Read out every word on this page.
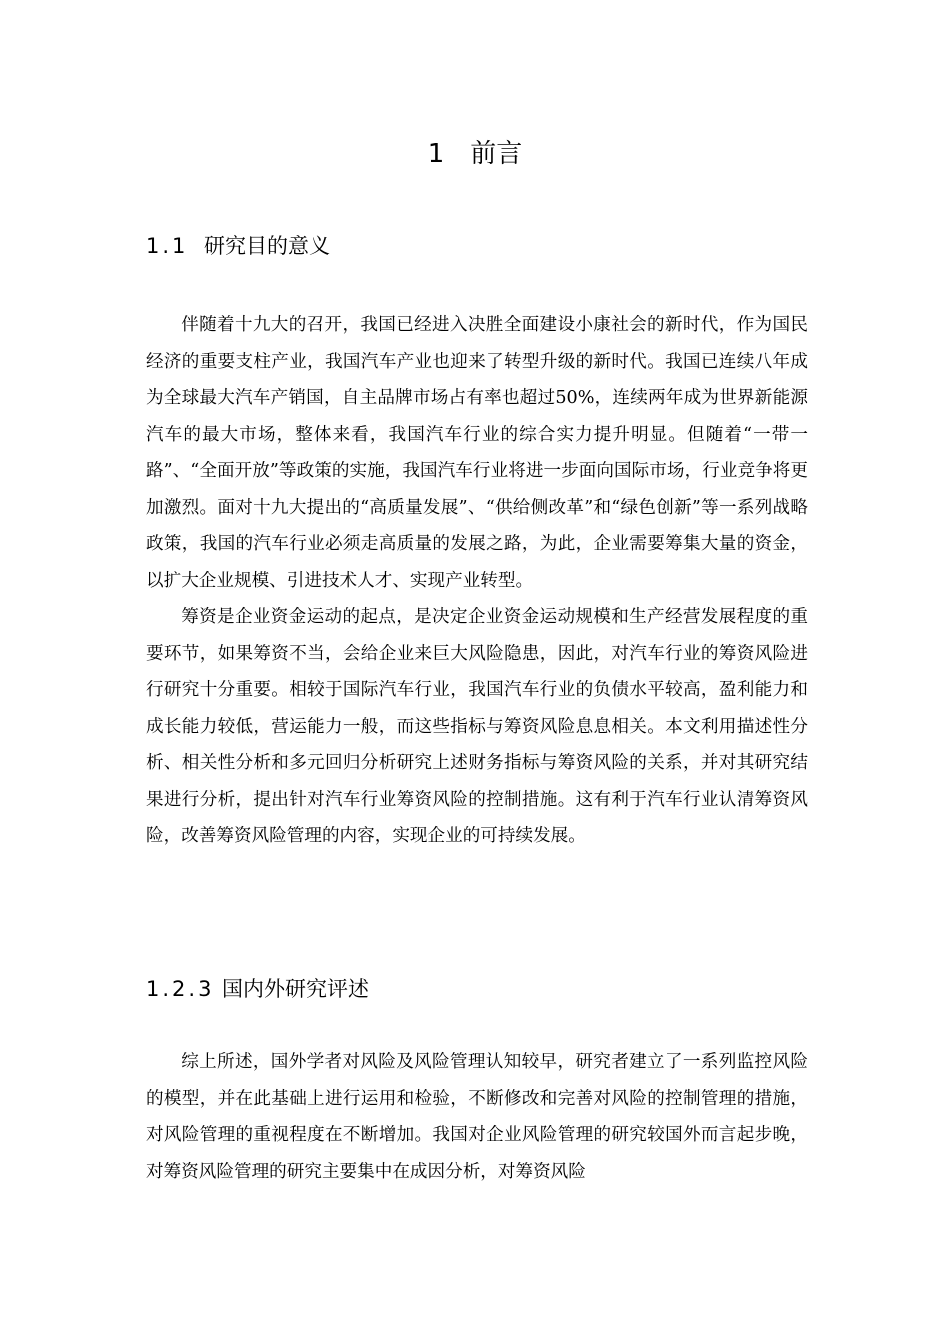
1 前言
1.1 研究目的意义

伴随着十九大的召开，我国已经进入决胜全面建设小康社会的新时代，作为国民经济的重要支柱产业，我国汽车产业也迎来了转型升级的新时代。我国已连续八年成为全球最大汽车产销国，自主品牌市场占有率也超过50%，连续两年成为世界新能源汽车的最大市场，整体来看，我国汽车行业的综合实力提升明显。但随着“一带一路”、“全面开放”等政策的实施，我国汽车行业将进一步面向国际市场，行业竞争将更加激烈。面对十九大提出的“高质量发展”、“供给侧改革”和“绿色创新”等一系列战略政策，我国的汽车行业必须走高质量的发展之路，为此，企业需要筹集大量的资金，以扩大企业规模、引进技术人才、实现产业转型。

筹资是企业资金运动的起点，是决定企业资金运动规模和生产经营发展程度的重要环节，如果筹资不当，会给企业来巨大风险隐患，因此，对汽车行业的筹资风险进行研究十分重要。相较于国际汽车行业，我国汽车行业的负债水平较高，盈利能力和成长能力较低，营运能力一般，而这些指标与筹资风险息息相关。本文利用描述性分析、相关性分析和多元回归分析研究上述财务指标与筹资风险的关系，并对其研究结果进行分析，提出针对汽车行业筹资风险的控制措施。这有利于汽车行业认清筹资风险，改善筹资风险管理的内容，实现企业的可持续发展。

1.2.3 国内外研究评述

综上所述，国外学者对风险及风险管理认知较早，研究者建立了一系列监控风险的模型，并在此基础上进行运用和检验，不断修改和完善对风险的控制管理的措施，对风险管理的重视程度在不断增加。我国对企业风险管理的研究较国外而言起步晚，对筹资风险管理的研究主要集中在成因分析，对筹资风险
